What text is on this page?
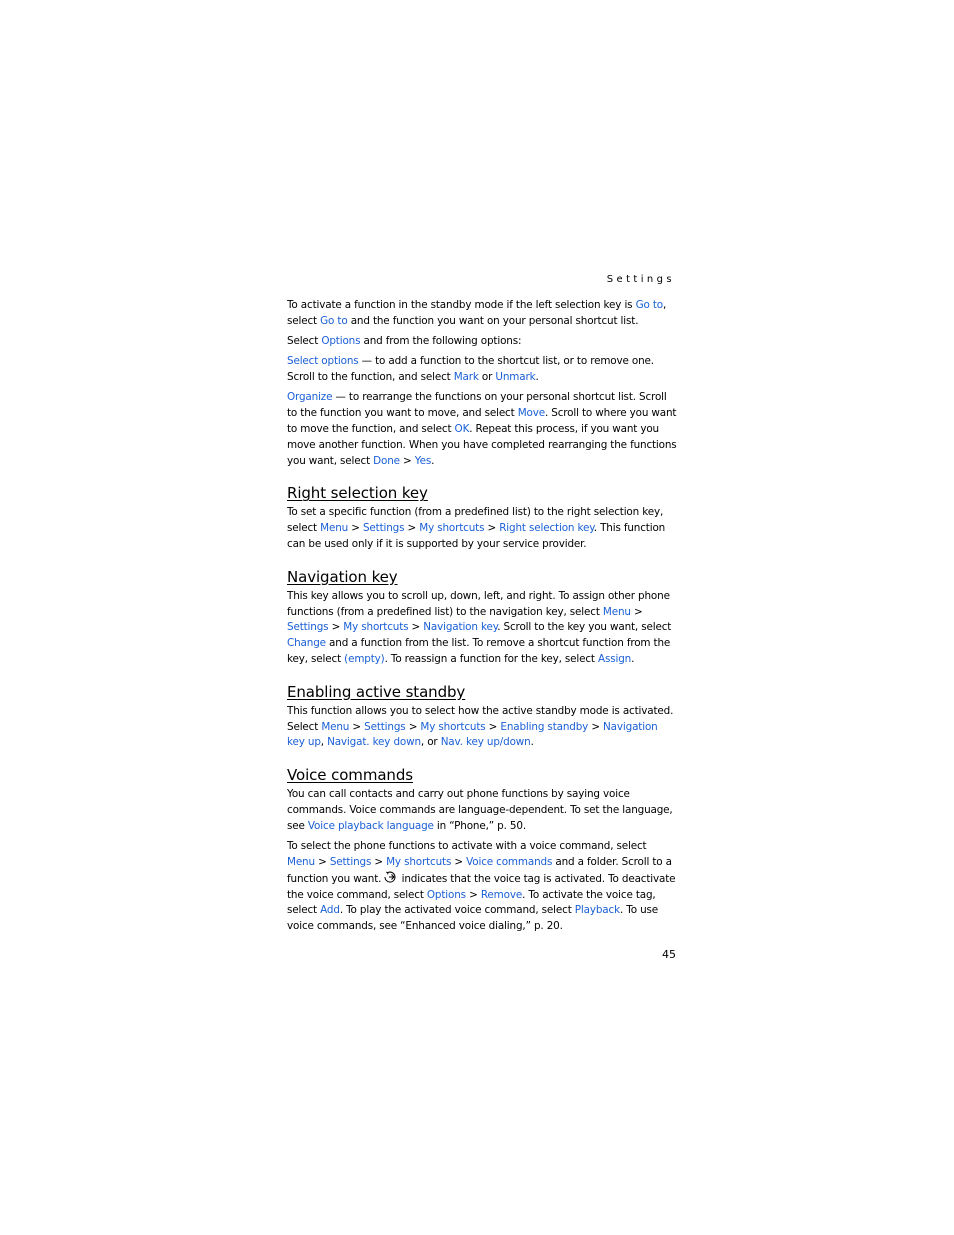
Settings

To activate a function in the standby mode if the left selection key is Go to, select Go to and the function you want on your personal shortcut list.

Select Options and from the following options:

Select options — to add a function to the shortcut list, or to remove one. Scroll to the function, and select Mark or Unmark.

Organize — to rearrange the functions on your personal shortcut list. Scroll to the function you want to move, and select Move. Scroll to where you want to move the function, and select OK. Repeat this process, if you want you move another function. When you have completed rearranging the functions you want, select Done > Yes.

Right selection key

To set a specific function (from a predefined list) to the right selection key, select Menu > Settings > My shortcuts > Right selection key. This function can be used only if it is supported by your service provider.

Navigation key

This key allows you to scroll up, down, left, and right. To assign other phone functions (from a predefined list) to the navigation key, select Menu > Settings > My shortcuts > Navigation key. Scroll to the key you want, select Change and a function from the list. To remove a shortcut function from the key, select (empty). To reassign a function for the key, select Assign.

Enabling active standby

This function allows you to select how the active standby mode is activated. Select Menu > Settings > My shortcuts > Enabling standby > Navigation key up, Navigat. key down, or Nav. key up/down.

Voice commands

You can call contacts and carry out phone functions by saying voice commands. Voice commands are language-dependent. To set the language, see Voice playback language in “Phone,” p. 50.

To select the phone functions to activate with a voice command, select Menu > Settings > My shortcuts > Voice commands and a folder. Scroll to a function you want.  indicates that the voice tag is activated. To deactivate the voice command, select Options > Remove. To activate the voice tag, select Add. To play the activated voice command, select Playback. To use voice commands, see “Enhanced voice dialing,” p. 20.

45
